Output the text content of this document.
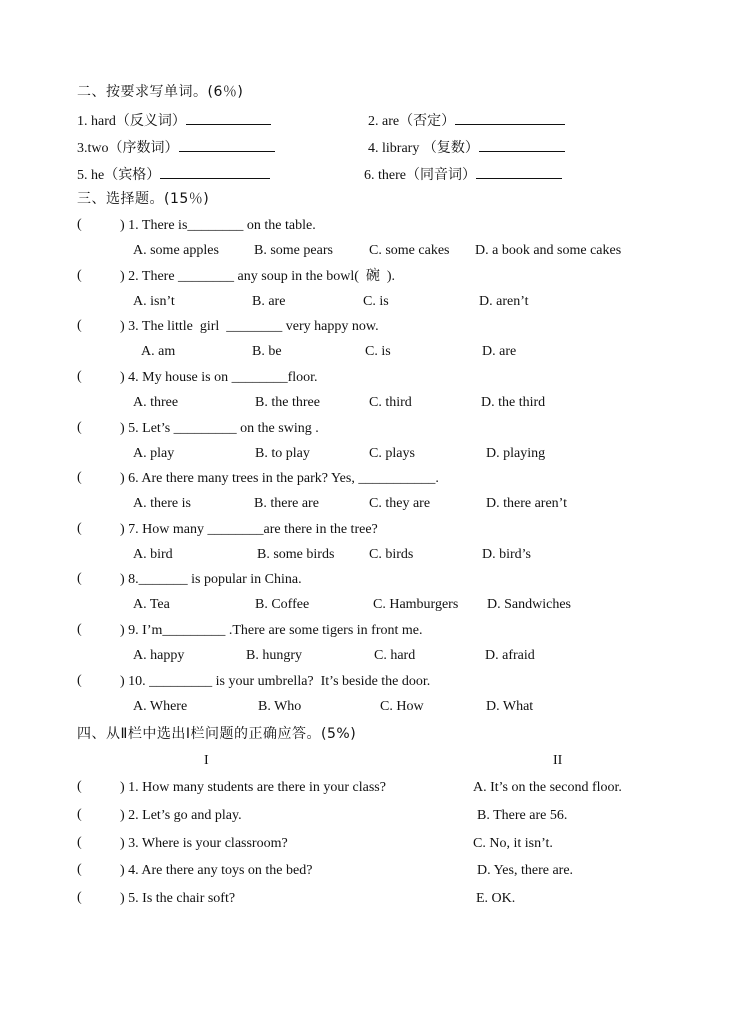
二、按要求写单词。(6％)
1. hard（反义词）	2. are（否定）
3.two（序数词）	4. library （复数）
5. he（宾格）	6. there（同音词）
三、选择题。(15％)
(	) 1. There is________ on the table.
A. some apples	B. some pears	C. some cakes D. a book and some cakes
(	) 2. There ________ any soup in the bowl(  碗  ).
A. isn’t	B. are	C. is	D. aren’t
(	) 3. The little  girl  ________ very happy now.
A. am	B. be	C. is	D. are
(	) 4. My house is on ________floor.
A. three	B. the three	C. third	D. the third
(	) 5. Let’s _________ on the swing .
A. play	B. to play	C. plays	D. playing
(	) 6. Are there many trees in the park? Yes, ___________.
A. there is	B. there are	C. they are	D. there aren’t
(	) 7. How many ________are there in the tree?
A. bird	B. some birds C. birds	D. bird’s
(	) 8._______ is popular in China.
A. Tea	B. Coffee	C. Hamburgers D. Sandwiches
(	) 9. I’m_________ .There are some tigers in front me.
A. happy	B. hungry	C. hard	D. afraid
(	) 10. _________ is your umbrella?  It’s beside the door.
A. Where	B. Who	C. How	D. What
四、从Ⅱ栏中选出Ⅰ栏问题的正确应答。(5%)
I	II
(	) 1. How many students are there in your class?	A. It’s on the second floor.
(	) 2. Let’s go and play.	B. There are 56.
(	) 3. Where is your classroom?	C. No, it isn’t.
(	) 4. Are there any toys on the bed?	D. Yes, there are.
(	) 5. Is the chair soft?	E. OK.
